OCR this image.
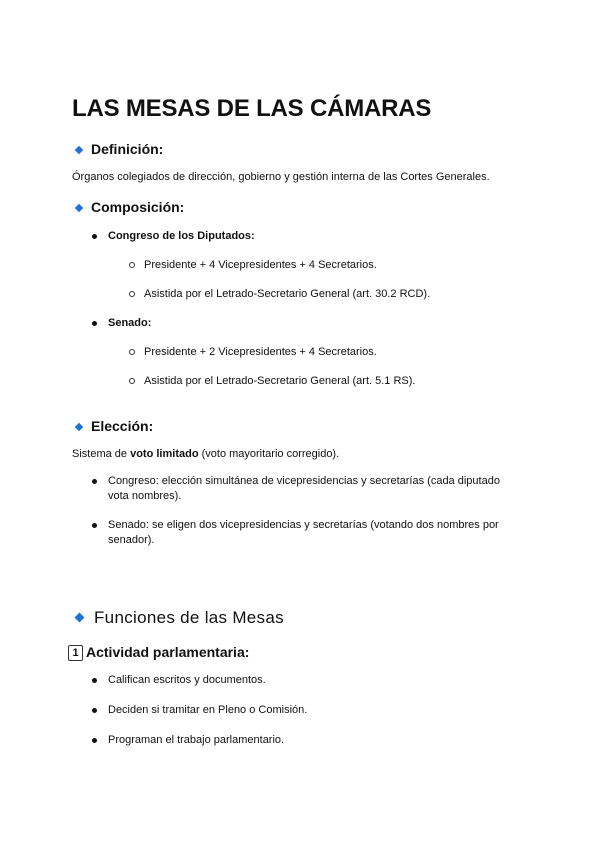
LAS MESAS DE LAS CÁMARAS
Definición:
Órganos colegiados de dirección, gobierno y gestión interna de las Cortes Generales.
Composición:
Congreso de los Diputados:
Presidente + 4 Vicepresidentes + 4 Secretarios.
Asistida por el Letrado-Secretario General (art. 30.2 RCD).
Senado:
Presidente + 2 Vicepresidentes + 4 Secretarios.
Asistida por el Letrado-Secretario General (art. 5.1 RS).
Elección:
Sistema de voto limitado (voto mayoritario corregido).
Congreso: elección simultánea de vicepresidencias y secretarías (cada diputado vota nombres).
Senado: se eligen dos vicepresidencias y secretarías (votando dos nombres por senador).
Funciones de las Mesas
1 Actividad parlamentaria:
Califican escritos y documentos.
Deciden si tramitar en Pleno o Comisión.
Programan el trabajo parlamentario.
